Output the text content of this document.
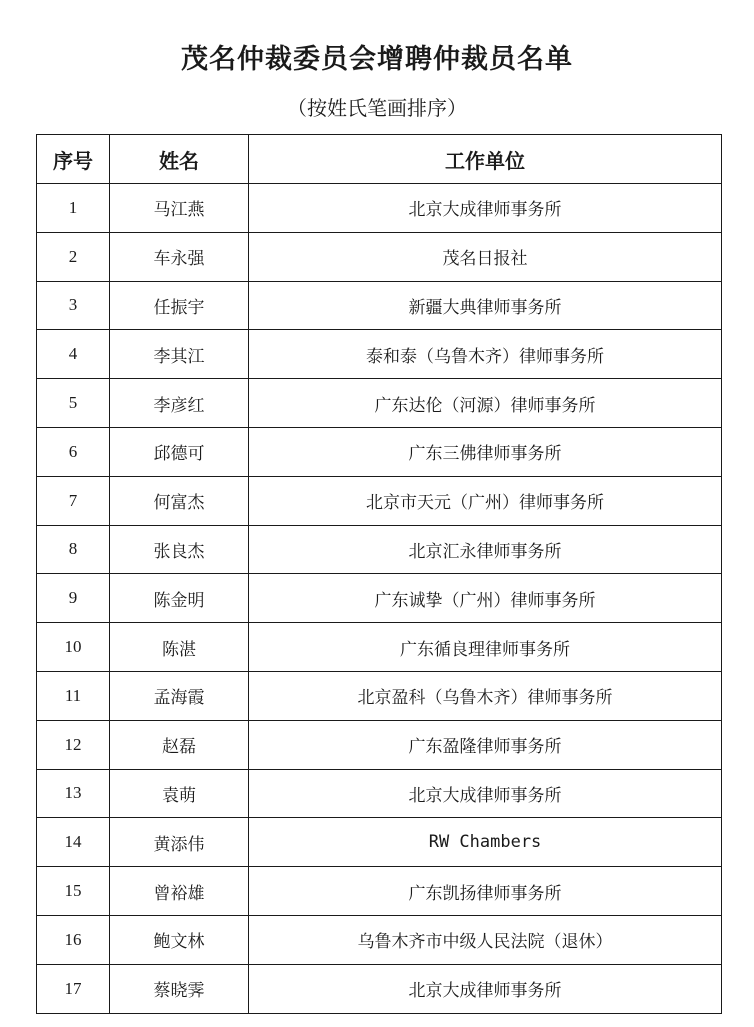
茂名仲裁委员会增聘仲裁员名单

（按姓氏笔画排序）

序号	姓名	工作单位
1	马江燕	北京大成律师事务所
2	车永强	茂名日报社
3	任振宇	新疆大典律师事务所
4	李其江	泰和泰（乌鲁木齐）律师事务所
5	李彦红	广东达伦（河源）律师事务所
6	邱德可	广东三佛律师事务所
7	何富杰	北京市天元（广州）律师事务所
8	张良杰	北京汇永律师事务所
9	陈金明	广东诚挚（广州）律师事务所
10	陈湛	广东循良理律师事务所
11	孟海霞	北京盈科（乌鲁木齐）律师事务所
12	赵磊	广东盈隆律师事务所
13	袁萌	北京大成律师事务所
14	黄添伟	RW Chambers
15	曾裕雄	广东凯扬律师事务所
16	鲍文林	乌鲁木齐市中级人民法院（退休）
17	蔡晓霁	北京大成律师事务所
